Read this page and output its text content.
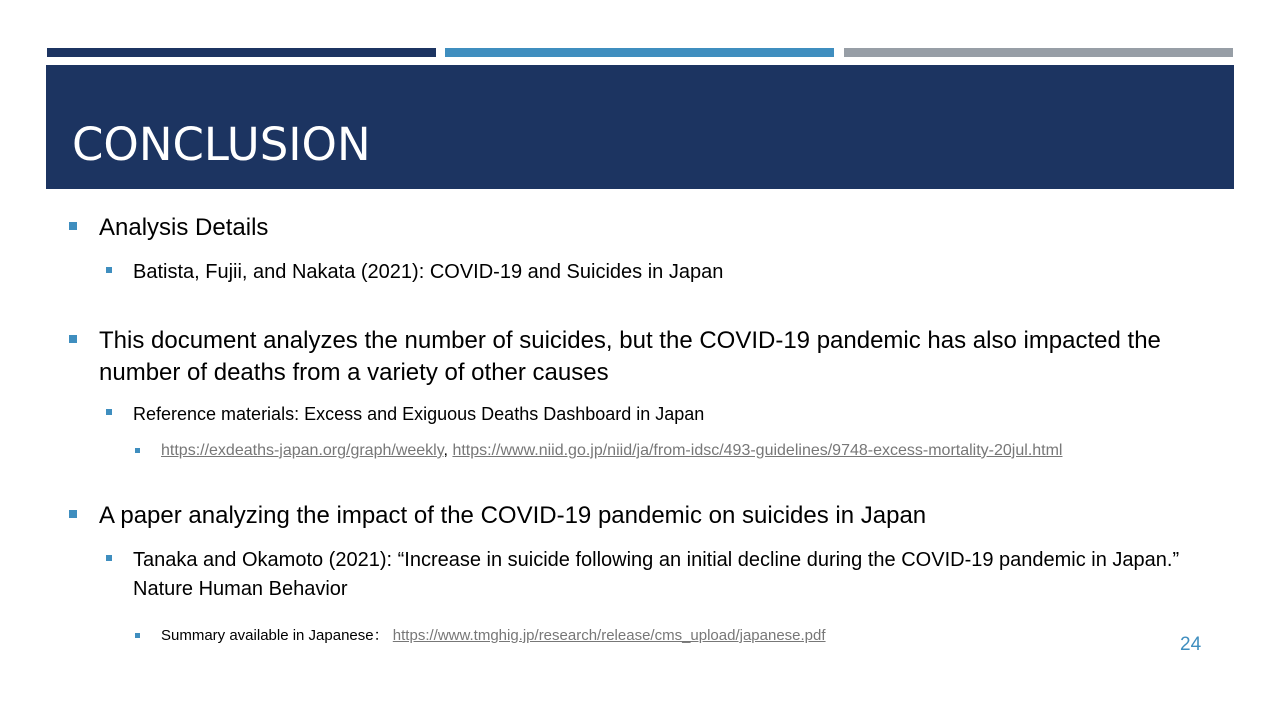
CONCLUSION
Analysis Details
Batista, Fujii, and Nakata (2021): COVID-19 and Suicides in Japan
This document analyzes the number of suicides, but the COVID-19 pandemic has also impacted the number of deaths from a variety of other causes
Reference materials: Excess and Exiguous Deaths Dashboard in Japan
https://exdeaths-japan.org/graph/weekly, https://www.niid.go.jp/niid/ja/from-idsc/493-guidelines/9748-excess-mortality-20jul.html
A paper analyzing the impact of the COVID-19 pandemic on suicides in Japan
Tanaka and Okamoto (2021): “Increase in suicide following an initial decline during the COVID-19 pandemic in Japan.” Nature Human Behavior
Summary available in Japanese： https://www.tmghig.jp/research/release/cms_upload/japanese.pdf	24
